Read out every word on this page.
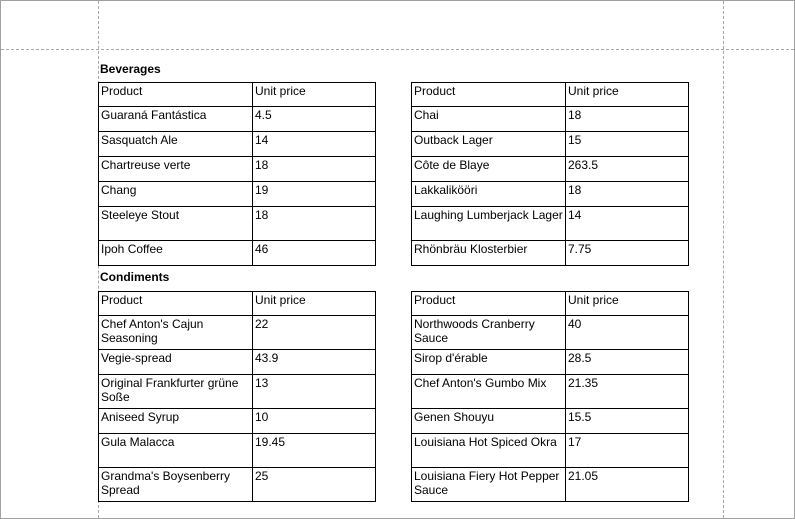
Beverages
Product	Unit price
Guaraná Fantástica	4.5
Sasquatch Ale	14
Chartreuse verte	18
Chang	19
Steeleye Stout	18
Ipoh Coffee	46
Product	Unit price
Chai	18
Outback Lager	15
Côte de Blaye	263.5
Lakkalikööri	18
Laughing Lumberjack Lager	14
Rhönbräu Klosterbier	7.75
Condiments
Product	Unit price
Chef Anton's Cajun Seasoning	22
Vegie-spread	43.9
Original Frankfurter grüne Soße	13
Aniseed Syrup	10
Gula Malacca	19.45
Grandma's Boysenberry Spread	25
Product	Unit price
Northwoods Cranberry Sauce	40
Sirop d'érable	28.5
Chef Anton's Gumbo Mix	21.35
Genen Shouyu	15.5
Louisiana Hot Spiced Okra	17
Louisiana Fiery Hot Pepper Sauce	21.05
